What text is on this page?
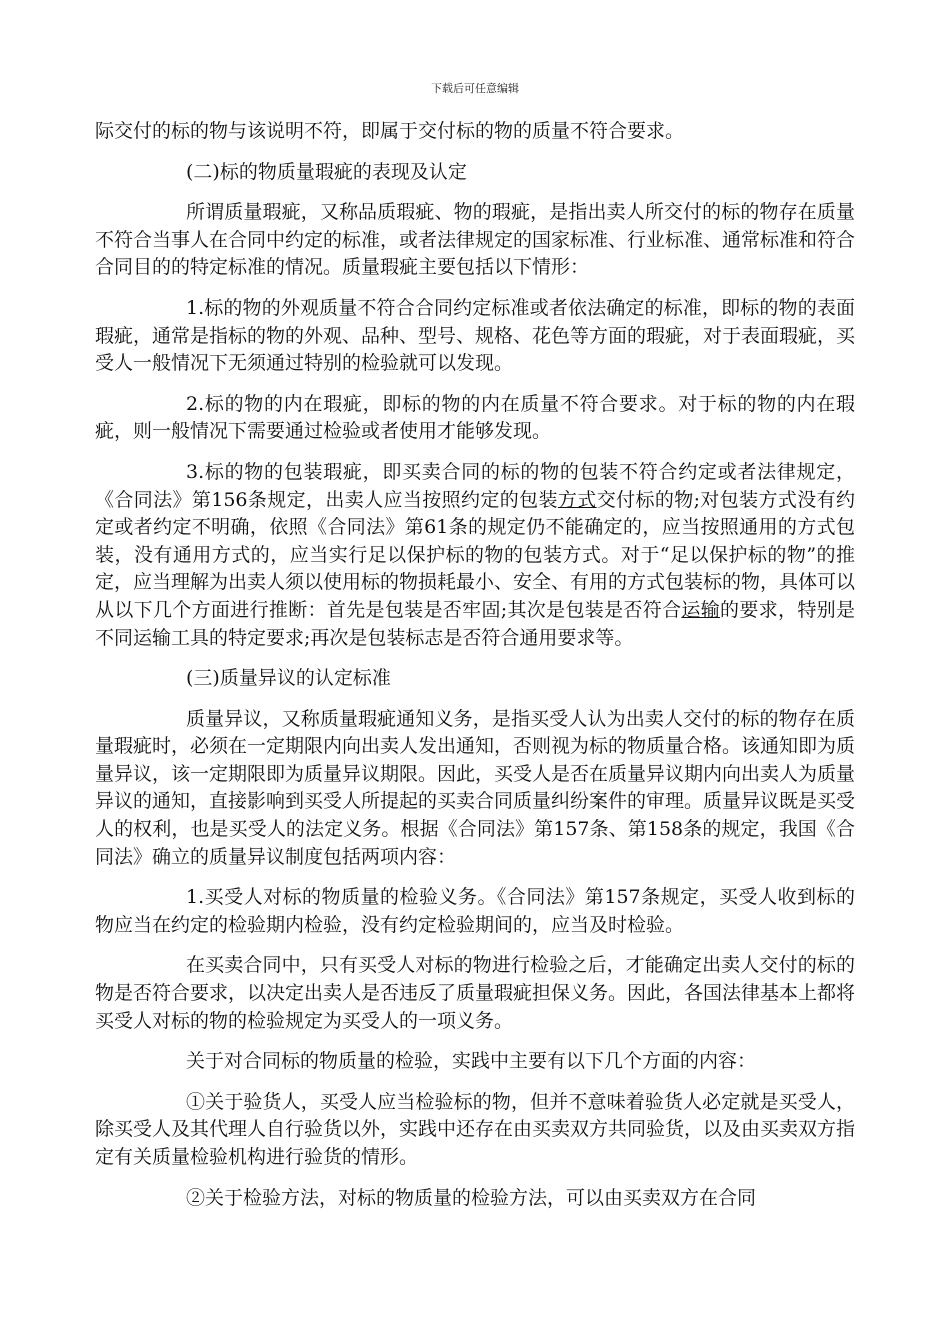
下载后可任意编辑

际交付的标的物与该说明不符，即属于交付标的物的质量不符合要求。

(二)标的物质量瑕疵的表现及认定

所谓质量瑕疵，又称品质瑕疵、物的瑕疵，是指出卖人所交付的标的物存在质量不符合当事人在合同中约定的标准，或者法律规定的国家标准、行业标准、通常标准和符合合同目的的特定标准的情况。质量瑕疵主要包括以下情形：

1.标的物的外观质量不符合合同约定标准或者依法确定的标准，即标的物的表面瑕疵，通常是指标的物的外观、品种、型号、规格、花色等方面的瑕疵，对于表面瑕疵，买受人一般情况下无须通过特别的检验就可以发现。

2.标的物的内在瑕疵，即标的物的内在质量不符合要求。对于标的物的内在瑕疵，则一般情况下需要通过检验或者使用才能够发现。

3.标的物的包装瑕疵，即买卖合同的标的物的包装不符合约定或者法律规定，《合同法》第156条规定，出卖人应当按照约定的包装方式交付标的物;对包装方式没有约定或者约定不明确，依照《合同法》第61条的规定仍不能确定的，应当按照通用的方式包装，没有通用方式的，应当实行足以保护标的物的包装方式。对于“足以保护标的物”的推定，应当理解为出卖人须以使用标的物损耗最小、安全、有用的方式包装标的物，具体可以从以下几个方面进行推断：首先是包装是否牢固;其次是包装是否符合运输的要求，特别是不同运输工具的特定要求;再次是包装标志是否符合通用要求等。

(三)质量异议的认定标准

质量异议，又称质量瑕疵通知义务，是指买受人认为出卖人交付的标的物存在质量瑕疵时，必须在一定期限内向出卖人发出通知，否则视为标的物质量合格。该通知即为质量异议，该一定期限即为质量异议期限。因此，买受人是否在质量异议期内向出卖人为质量异议的通知，直接影响到买受人所提起的买卖合同质量纠纷案件的审理。质量异议既是买受人的权利，也是买受人的法定义务。根据《合同法》第157条、第158条的规定，我国《合同法》确立的质量异议制度包括两项内容：

1.买受人对标的物质量的检验义务。《合同法》第157条规定，买受人收到标的物应当在约定的检验期内检验，没有约定检验期间的，应当及时检验。

在买卖合同中，只有买受人对标的物进行检验之后，才能确定出卖人交付的标的物是否符合要求，以决定出卖人是否违反了质量瑕疵担保义务。因此，各国法律基本上都将买受人对标的物的检验规定为买受人的一项义务。

关于对合同标的物质量的检验，实践中主要有以下几个方面的内容：

①关于验货人，买受人应当检验标的物，但并不意味着验货人必定就是买受人，除买受人及其代理人自行验货以外，实践中还存在由买卖双方共同验货，以及由买卖双方指定有关质量检验机构进行验货的情形。

②关于检验方法，对标的物质量的检验方法，可以由买卖双方在合同
